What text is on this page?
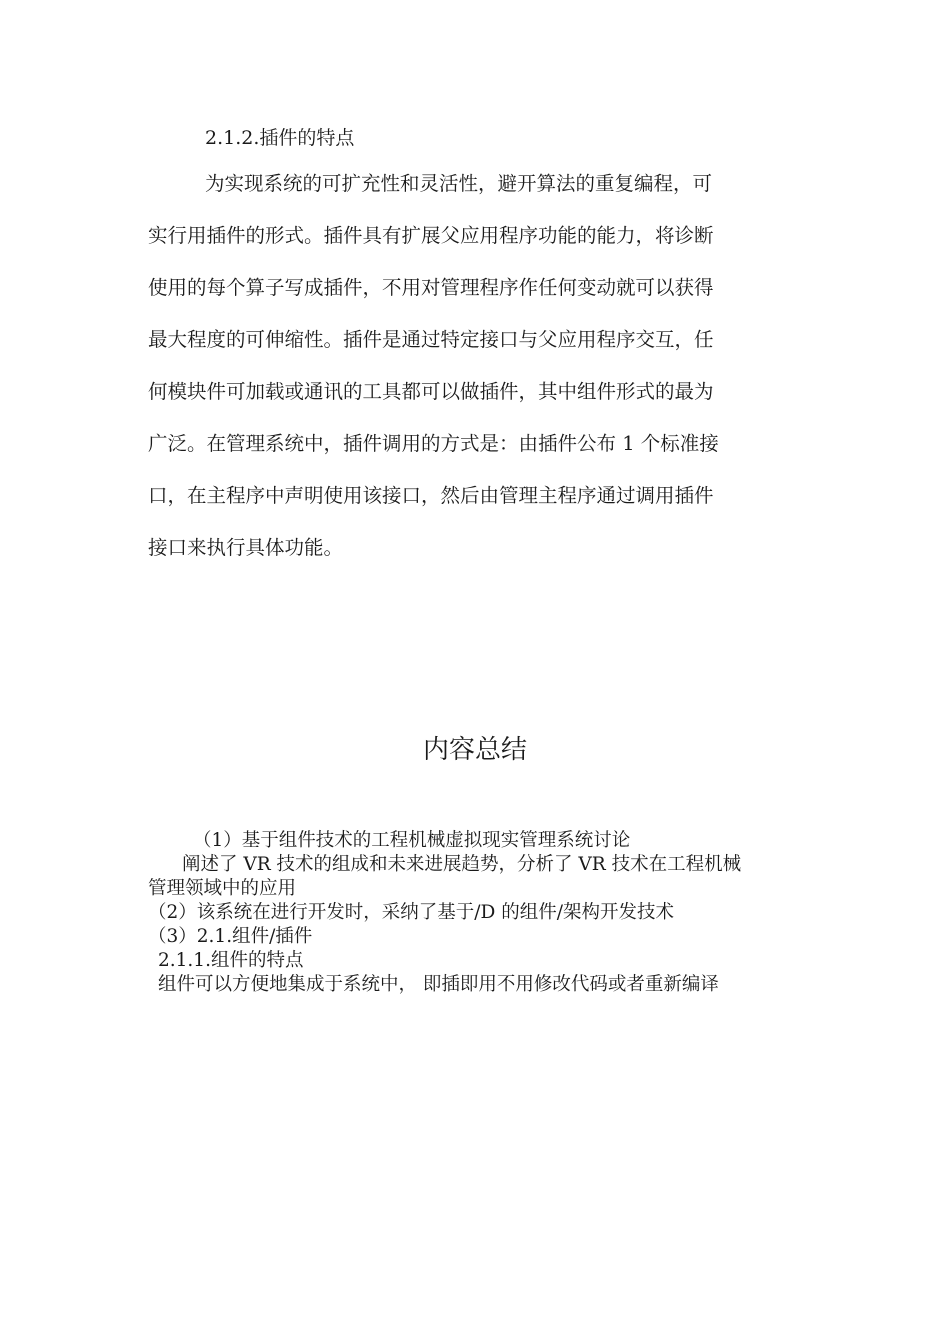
2.1.2.插件的特点
为实现系统的可扩充性和灵活性，避开算法的重复编程，可
实行用插件的形式。插件具有扩展父应用程序功能的能力，将诊断
使用的每个算子写成插件，不用对管理程序作任何变动就可以获得
最大程度的可伸缩性。插件是通过特定接口与父应用程序交互，任
何模块件可加载或通讯的工具都可以做插件，其中组件形式的最为
广泛。在管理系统中，插件调用的方式是：由插件公布 1 个标准接
口，在主程序中声明使用该接口，然后由管理主程序通过调用插件
接口来执行具体功能。
内容总结
（1）基于组件技术的工程机械虚拟现实管理系统讨论
阐述了 VR 技术的组成和未来进展趋势，分析了 VR 技术在工程机械
管理领域中的应用
（2）该系统在进行开发时，采纳了基于/D 的组件/架构开发技术
（3）2.1.组件/插件
2.1.1.组件的特点
组件可以方便地集成于系统中， 即插即用不用修改代码或者重新编译
